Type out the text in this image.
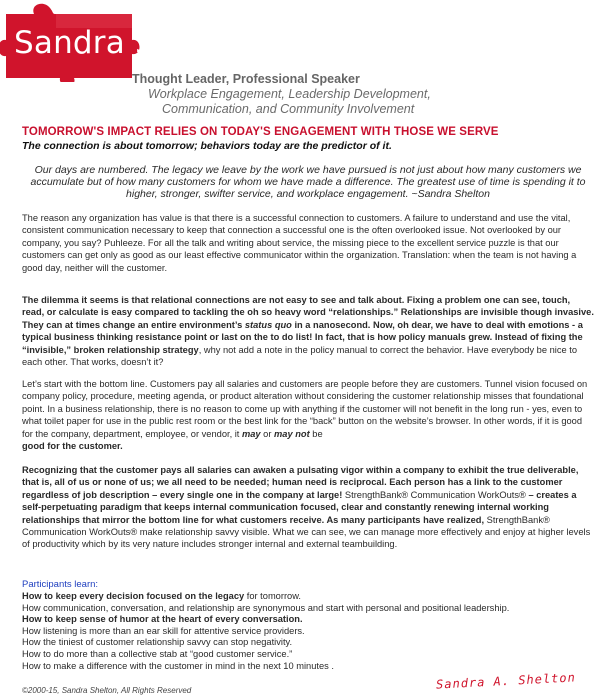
Sandra Shelton
Thought Leader, Professional Speaker
Workplace Engagement, Leadership Development,
Communication, and Community Involvement
TOMORROW'S IMPACT RELIES ON TODAY'S ENGAGEMENT WITH THOSE WE SERVE
The connection is about tomorrow; behaviors today are the predictor of it.
Our days are numbered. The legacy we leave by the work we have pursued is not just about how many customers we accumulate but of how many customers for whom we have made a difference. The greatest use of time is spending it to higher, stronger, swifter service, and workplace engagement. ~Sandra Shelton
The reason any organization has value is that there is a successful connection to customers. A failure to understand and use the vital, consistent communication necessary to keep that connection a successful one is the often overlooked issue. Not overlooked by our company, you say? Puhleeze. For all the talk and writing about service, the missing piece to the excellent service puzzle is that our customers can get only as good as our least effective communicator within the organization. Translation: when the team is not having a good day, neither will the customer.
The dilemma it seems is that relational connections are not easy to see and talk about. Fixing a problem one can see, touch, read, or calculate is easy compared to tackling the oh so heavy word “relationships.” Relationships are invisible though invasive. They can at times change an entire environment’s status quo in a nanosecond. Now, oh dear, we have to deal with emotions - a typical business thinking resistance point or last on the to do list! In fact, that is how policy manuals grew. Instead of fixing the “invisible,” broken relationship strategy, why not add a note in the policy manual to correct the behavior. Have everybody be nice to each other. That works, doesn’t it?
Let’s start with the bottom line. Customers pay all salaries and customers are people before they are customers. Tunnel vision focused on company policy, procedure, meeting agenda, or product alteration without considering the customer relationship misses that foundational point. In a business relationship, there is no reason to come up with anything if the customer will not benefit in the long run - yes, even to what toilet paper for use in the public rest room or the best link for the “back” button on the website’s browser. In other words, if it is good for the company, department, employee, or vendor, it may or may not be
good for the customer.
Recognizing that the customer pays all salaries can awaken a pulsating vigor within a company to exhibit the true deliverable, that is, all of us or none of us; we all need to be needed; human need is reciprocal. Each person has a link to the customer regardless of job description – every single one in the company at large! StrengthBank® Communication WorkOuts® – creates a self-perpetuating paradigm that keeps internal communication focused, clear and constantly renewing internal working relationships that mirror the bottom line for what customers receive. As many participants have realized, StrengthBank® Communication WorkOuts® make relationship savvy visible. What we can see, we can manage more effectively and enjoy at higher levels of productivity which by its very nature includes stronger internal and external teambuilding.
Participants learn:
How to keep every decision focused on the legacy for tomorrow.
How communication, conversation, and relationship are synonymous and start with personal and positional leadership.
How to keep sense of humor at the heart of every conversation.
How listening is more than an ear skill for attentive service providers.
How the tiniest of customer relationship savvy can stop negativity.
How to do more than a collective stab at “good customer service.”
How to make a difference with the customer in mind in the next 10 minutes .
©2000-15, Sandra Shelton, All Rights Reserved	Sandra A. Shelton
